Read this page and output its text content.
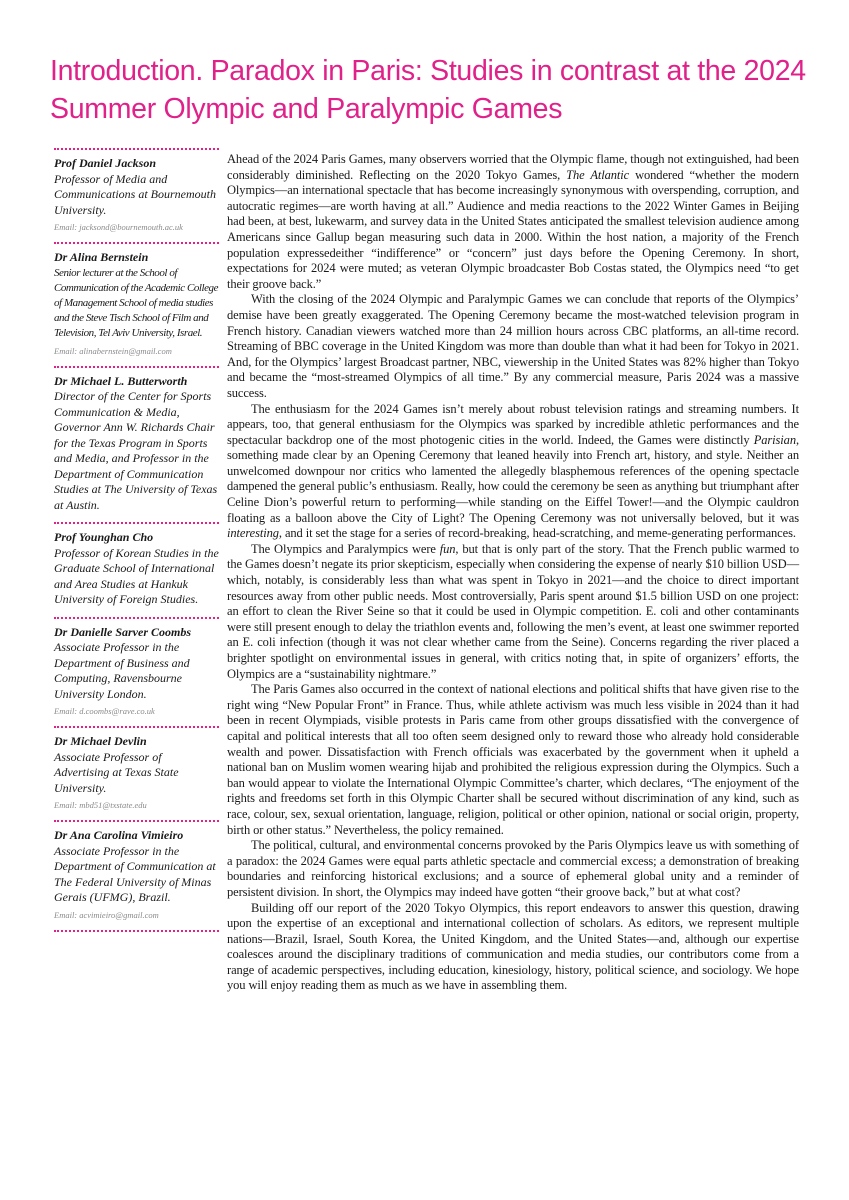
Introduction. Paradox in Paris: Studies in contrast at the 2024 Summer Olympic and Paralympic Games
Prof Daniel Jackson
Professor of Media and Communications at Bournemouth University.
Email: jacksond@bournemouth.ac.uk
Dr Alina Bernstein
Senior lecturer at the School of Communication of the Academic College of Management School of media studies and the Steve Tisch School of Film and Television, Tel Aviv University, Israel.
Email: alinabernstein@gmail.com
Dr Michael L. Butterworth
Director of the Center for Sports Communication & Media, Governor Ann W. Richards Chair for the Texas Program in Sports and Media, and Professor in the Department of Communication Studies at The University of Texas at Austin.
Prof Younghan Cho
Professor of Korean Studies in the Graduate School of International and Area Studies at Hankuk University of Foreign Studies.
Dr Danielle Sarver Coombs
Associate Professor in the Department of Business and Computing, Ravensbourne University London.
Email: d.coombs@rave.co.uk
Dr Michael Devlin
Associate Professor of Advertising at Texas State University.
Email: mbd51@txstate.edu
Dr Ana Carolina Vimieiro
Associate Professor in the Department of Communication at The Federal University of Minas Gerais (UFMG), Brazil.
Email: acvimieiro@gmail.com

Ahead of the 2024 Paris Games, many observers worried that the Olympic flame, though not extinguished, had been considerably diminished. Reflecting on the 2020 Tokyo Games, The Atlantic wondered “whether the modern Olympics—an international spectacle that has become increasingly synonymous with overspending, corruption, and autocratic regimes—are worth having at all.” Audience and media reactions to the 2022 Winter Games in Beijing had been, at best, lukewarm, and survey data in the United States anticipated the smallest television audience among Americans since Gallup began measuring such data in 2000. Within the host nation, a majority of the French population expressedeither “indifference” or “concern” just days before the Opening Ceremony. In short, expectations for 2024 were muted; as veteran Olympic broadcaster Bob Costas stated, the Olympics need “to get their groove back.”

With the closing of the 2024 Olympic and Paralympic Games we can conclude that reports of the Olympics’ demise have been greatly exaggerated. The Opening Ceremony became the most-watched television program in French history. Canadian viewers watched more than 24 million hours across CBC platforms, an all-time record. Streaming of BBC coverage in the United Kingdom was more than double than what it had been for Tokyo in 2021. And, for the Olympics’ largest Broadcast partner, NBC, viewership in the United States was 82% higher than Tokyo and became the “most-streamed Olympics of all time.” By any commercial measure, Paris 2024 was a massive success.

The enthusiasm for the 2024 Games isn’t merely about robust television ratings and streaming numbers. It appears, too, that general enthusiasm for the Olympics was sparked by incredible athletic performances and the spectacular backdrop one of the most photogenic cities in the world. Indeed, the Games were distinctly Parisian, something made clear by an Opening Ceremony that leaned heavily into French art, history, and style. Neither an unwelcomed downpour nor critics who lamented the allegedly blasphemous references of the opening spectacle dampened the general public’s enthusiasm. Really, how could the ceremony be seen as anything but triumphant after Celine Dion’s powerful return to performing—while standing on the Eiffel Tower!—and the Olympic cauldron floating as a balloon above the City of Light? The Opening Ceremony was not universally beloved, but it was interesting, and it set the stage for a series of record-breaking, head-scratching, and meme-generating performances.

The Olympics and Paralympics were fun, but that is only part of the story. That the French public warmed to the Games doesn’t negate its prior skepticism, especially when considering the expense of nearly $10 billion USD—which, notably, is considerably less than what was spent in Tokyo in 2021—and the choice to direct important resources away from other public needs. Most controversially, Paris spent around $1.5 billion USD on one project: an effort to clean the River Seine so that it could be used in Olympic competition. E. coli and other contaminants were still present enough to delay the triathlon events and, following the men’s event, at least one swimmer reported an E. coli infection (though it was not clear whether came from the Seine). Concerns regarding the river placed a brighter spotlight on environmental issues in general, with critics noting that, in spite of organizers’ efforts, the Olympics are a “sustainability nightmare.”

The Paris Games also occurred in the context of national elections and political shifts that have given rise to the right wing “New Popular Front” in France. Thus, while athlete activism was much less visible in 2024 than it had been in recent Olympiads, visible protests in Paris came from other groups dissatisfied with the convergence of capital and political interests that all too often seem designed only to reward those who already hold considerable wealth and power. Dissatisfaction with French officials was exacerbated by the government when it upheld a national ban on Muslim women wearing hijab and prohibited the religious expression during the Olympics. Such a ban would appear to violate the International Olympic Committee’s charter, which declares, “The enjoyment of the rights and freedoms set forth in this Olympic Charter shall be secured without discrimination of any kind, such as race, colour, sex, sexual orientation, language, religion, political or other opinion, national or social origin, property, birth or other status.” Nevertheless, the policy remained.

The political, cultural, and environmental concerns provoked by the Paris Olympics leave us with something of a paradox: the 2024 Games were equal parts athletic spectacle and commercial excess; a demonstration of breaking boundaries and reinforcing historical exclusions; and a source of ephemeral global unity and a reminder of persistent division. In short, the Olympics may indeed have gotten “their groove back,” but at what cost?

Building off our report of the 2020 Tokyo Olympics, this report endeavors to answer this question, drawing upon the expertise of an exceptional and international collection of scholars. As editors, we represent multiple nations—Brazil, Israel, South Korea, the United Kingdom, and the United States—and, although our expertise coalesces around the disciplinary traditions of communication and media studies, our contributors come from a range of academic perspectives, including education, kinesiology, history, political science, and sociology. We hope you will enjoy reading them as much as we have in assembling them.
